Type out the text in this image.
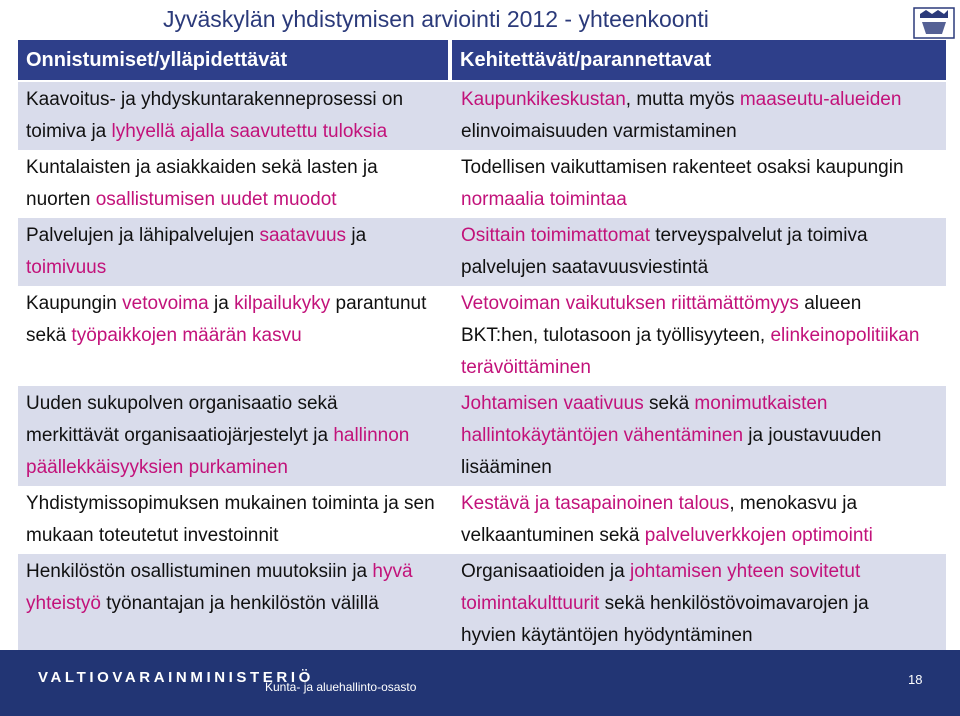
Jyväskylän yhdistymisen arviointi 2012 - yhteenkoonti
Onnistumiset/ylläpidettävät	Kehitettävät/parannettavat
Kaavoitus- ja yhdyskuntarakenneprosessi on
toimiva ja lyhyellä ajalla saavutettu tuloksia
Kaupunkikeskustan, mutta myös maaseutu-alueiden
elinvoimaisuuden varmistaminen
Kuntalaisten ja asiakkaiden sekä lasten ja
nuorten osallistumisen uudet muodot
Todellisen vaikuttamisen rakenteet osaksi kaupungin
normaalia toimintaa
Palvelujen ja lähipalvelujen saatavuus ja
toimivuus
Osittain toimimattomat terveyspalvelut ja toimiva
palvelujen saatavuusviestintä
Kaupungin vetovoima ja kilpailukyky parantunut
sekä työpaikkojen määrän kasvu
Vetovoiman vaikutuksen riittämättömyys alueen
BKT:hen, tulotasoon ja työllisyyteen, elinkeinopolitiikan
terävöittäminen
Uuden sukupolven organisaatio sekä
merkittävät organisaatiojärjestelyt ja hallinnon
päällekkäisyyksien purkaminen
Johtamisen vaativuus sekä monimutkaisten
hallintokäytäntöjen vähentäminen ja joustavuuden
lisääminen
Yhdistymissopimuksen mukainen toiminta ja sen
mukaan toteutetut investoinnit
Kestävä ja tasapainoinen talous, menokasvu ja
velkaantuminen sekä palveluverkkojen optimointi
Henkilöstön osallistuminen muutoksiin ja hyvä
yhteistyö työnantajan ja henkilöstön välillä
Organisaatioiden ja johtamisen yhteen sovitetut
toimintakulttuurit sekä henkilöstövoimavarojen ja
hyvien käytäntöjen hyödyntäminen
VALTIOVARAINMINISTERIÖ
Kunta- ja aluehallinto-osasto	18
